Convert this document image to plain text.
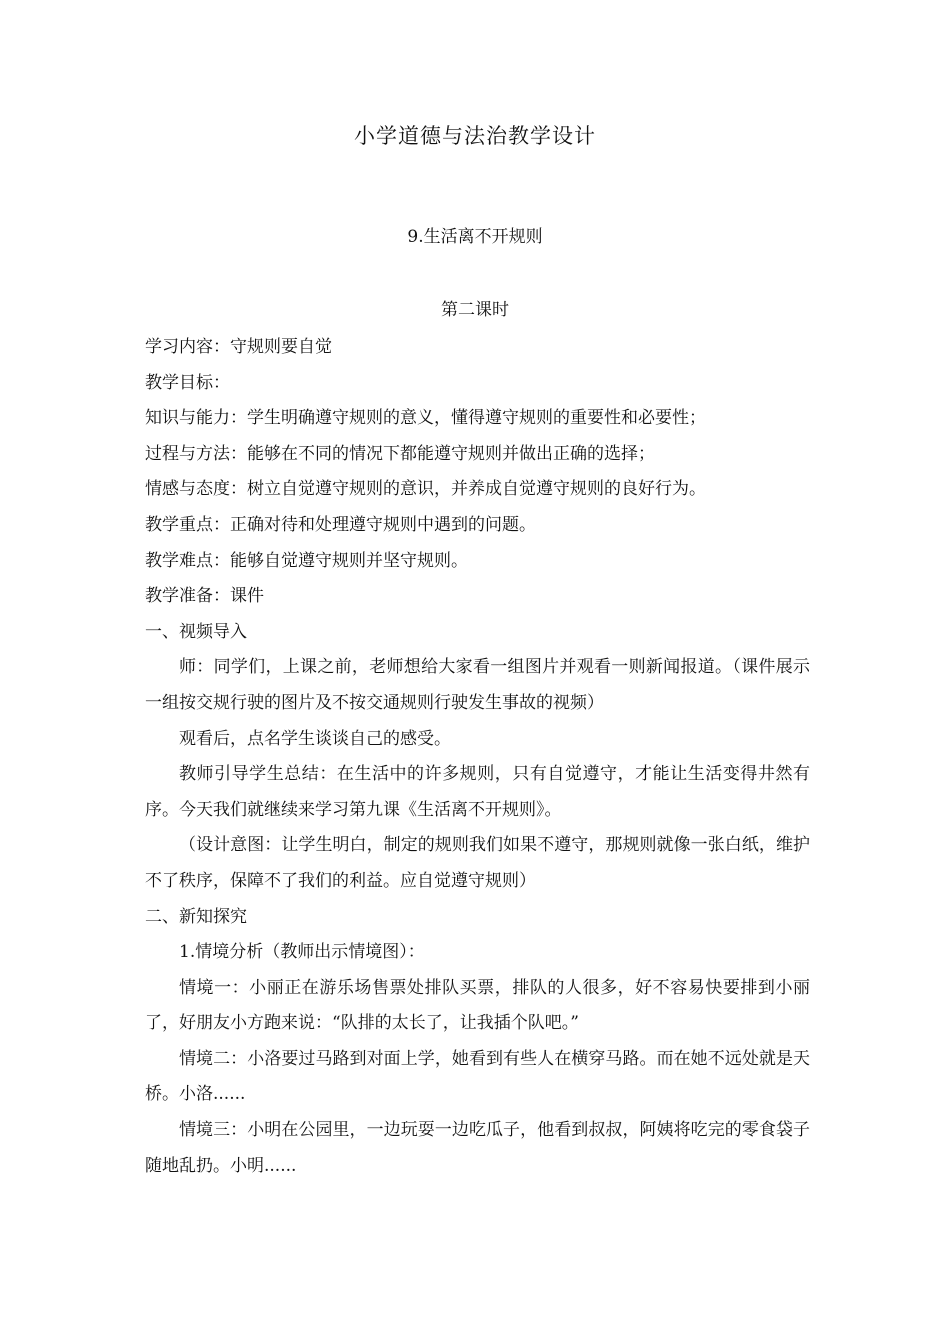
小学道德与法治教学设计
9.生活离不开规则
第二课时

学习内容：守规则要自觉

教学目标：

知识与能力：学生明确遵守规则的意义，懂得遵守规则的重要性和必要性；

过程与方法：能够在不同的情况下都能遵守规则并做出正确的选择；

情感与态度：树立自觉遵守规则的意识，并养成自觉遵守规则的良好行为。

教学重点：正确对待和处理遵守规则中遇到的问题。

教学难点：能够自觉遵守规则并坚守规则。

教学准备：课件

一、视频导入

师：同学们，上课之前，老师想给大家看一组图片并观看一则新闻报道。（课件展示一组按交规行驶的图片及不按交通规则行驶发生事故的视频）

观看后，点名学生谈谈自己的感受。

教师引导学生总结：在生活中的许多规则，只有自觉遵守，才能让生活变得井然有序。今天我们就继续来学习第九课《生活离不开规则》。

（设计意图：让学生明白，制定的规则我们如果不遵守，那规则就像一张白纸，维护不了秩序，保障不了我们的利益。应自觉遵守规则）

二、新知探究

1.情境分析（教师出示情境图）：

情境一：小丽正在游乐场售票处排队买票，排队的人很多，好不容易快要排到小丽了，好朋友小方跑来说：“队排的太长了，让我插个队吧。”

情境二：小洛要过马路到对面上学，她看到有些人在横穿马路。而在她不远处就是天桥。小洛......

情境三：小明在公园里，一边玩耍一边吃瓜子，他看到叔叔，阿姨将吃完的零食袋子随地乱扔。小明......
